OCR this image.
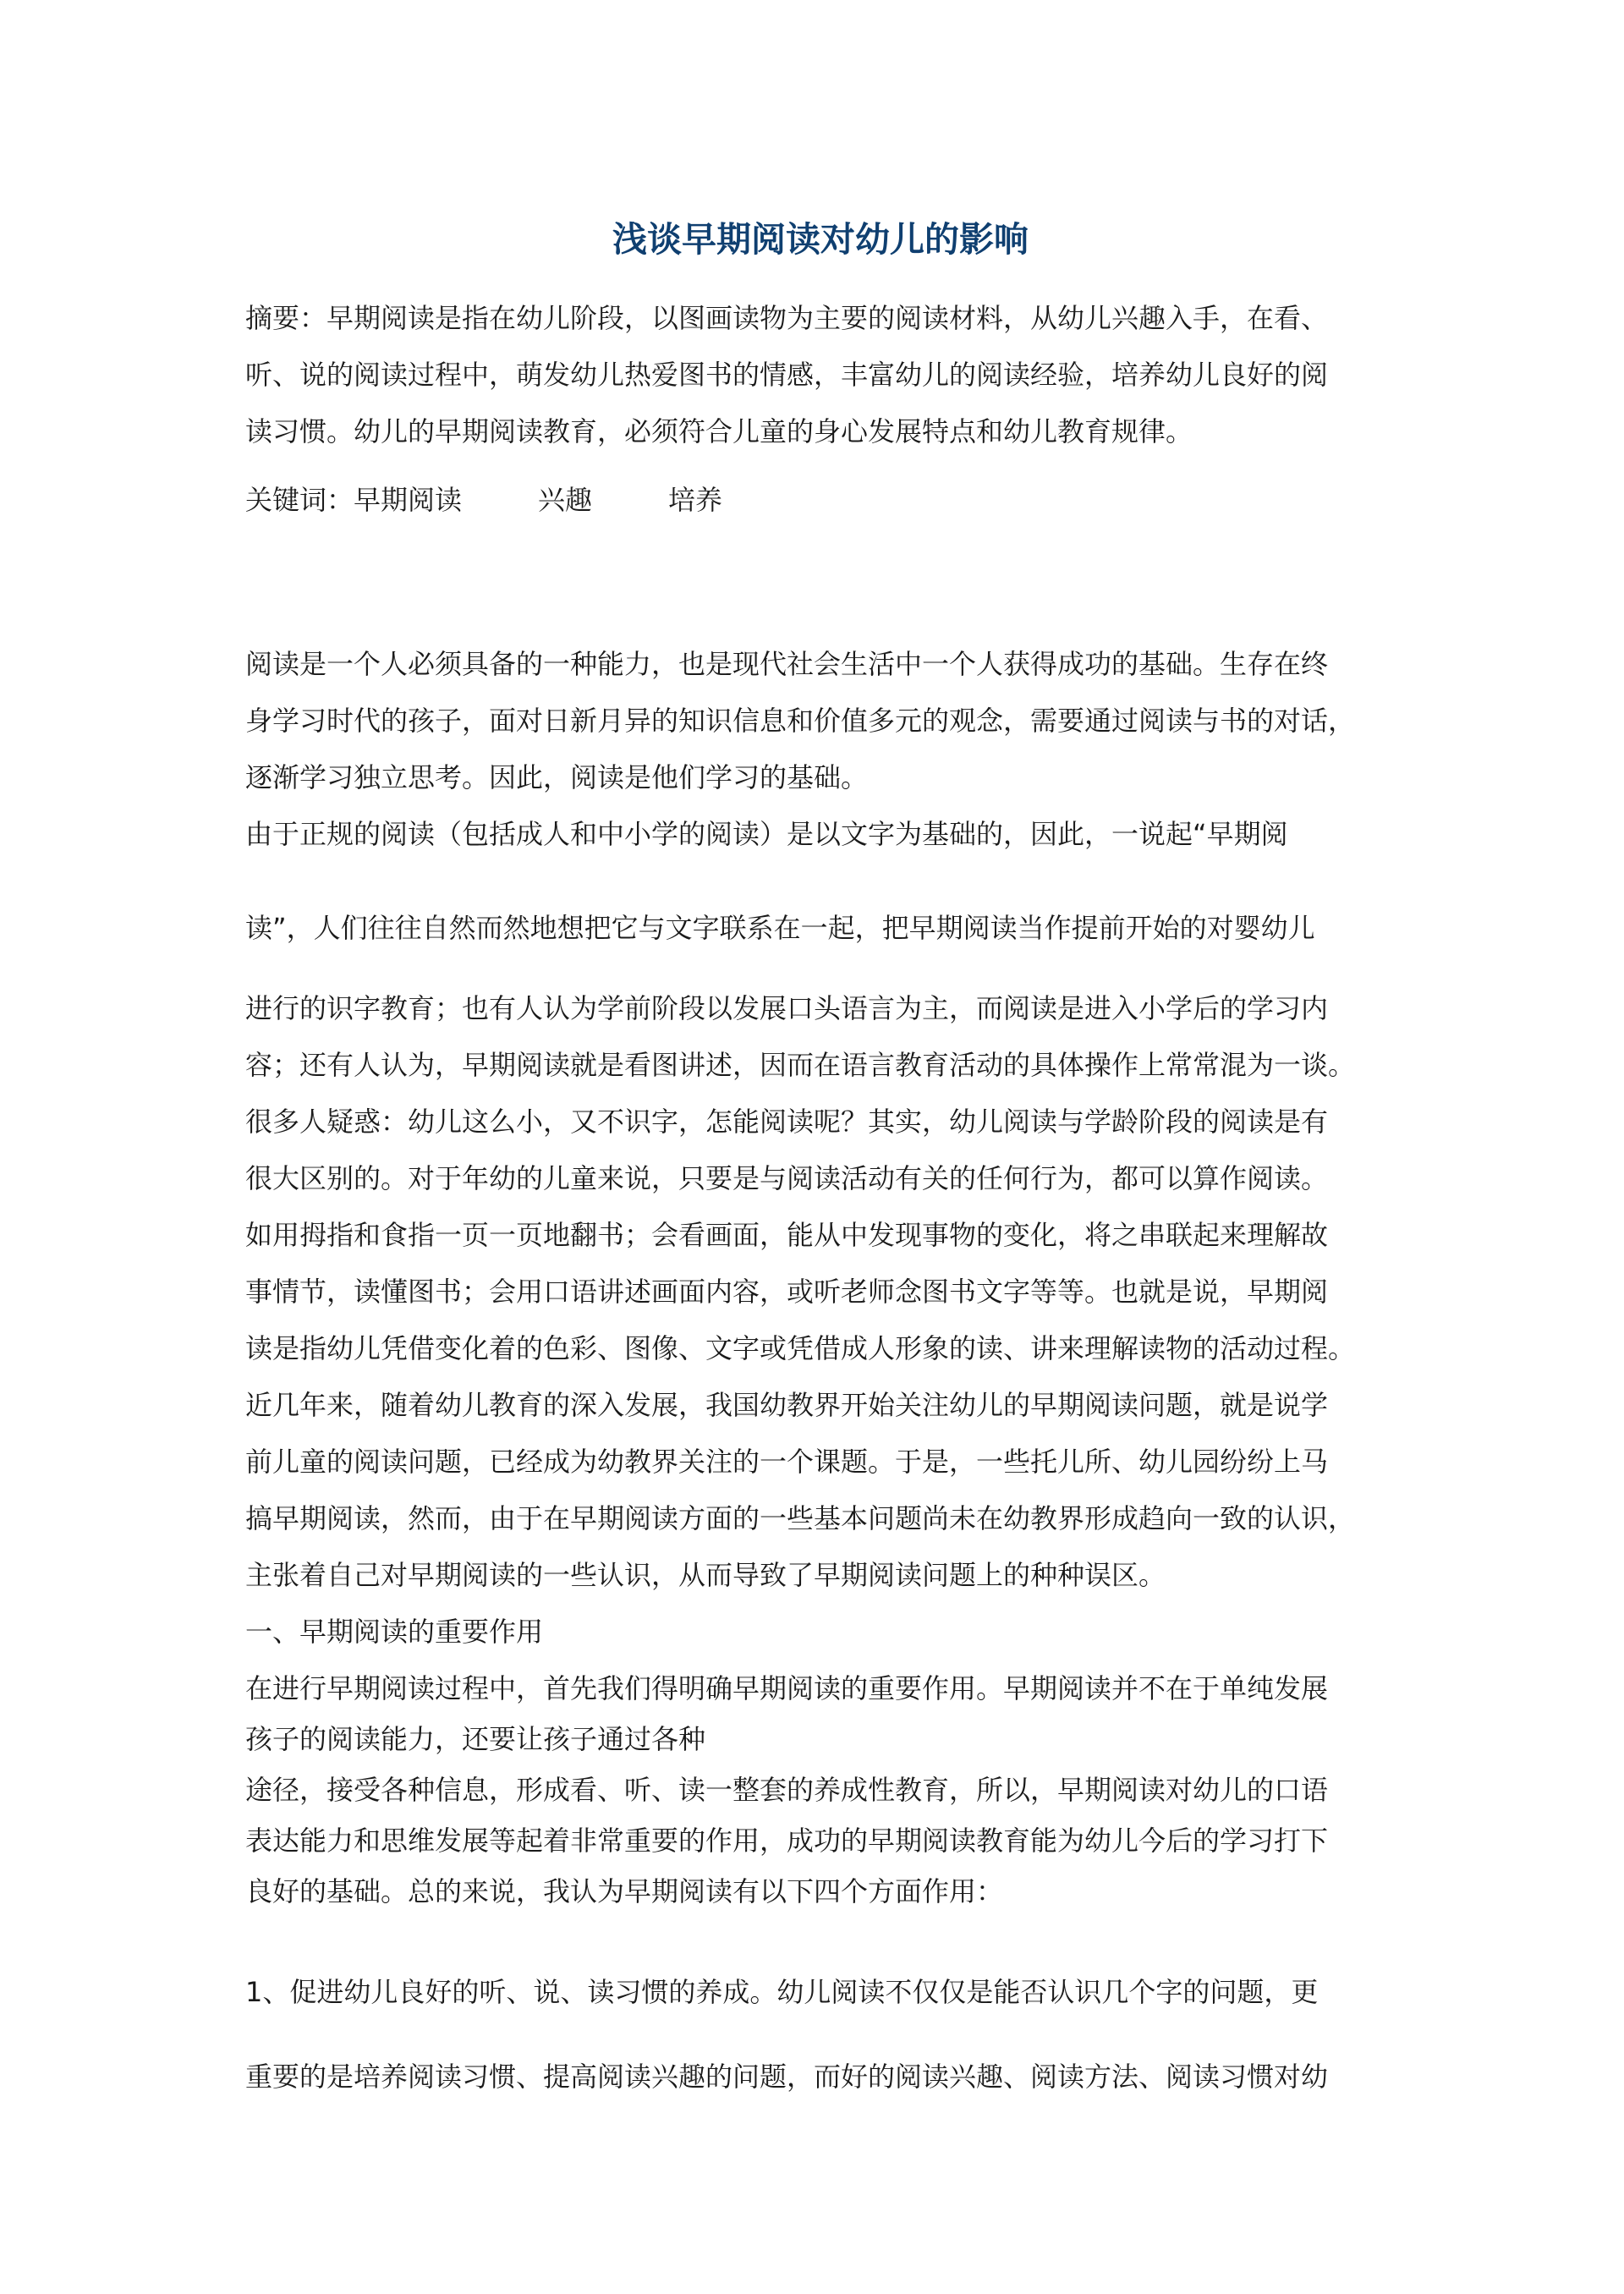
浅谈早期阅读对幼儿的影响
摘要：早期阅读是指在幼儿阶段，以图画读物为主要的阅读材料，从幼儿兴趣入手，在看、
听、说的阅读过程中，萌发幼儿热爱图书的情感，丰富幼儿的阅读经验，培养幼儿良好的阅
读习惯。幼儿的早期阅读教育，必须符合儿童的身心发展特点和幼儿教育规律。
关键词：早期阅读	兴趣	培养
阅读是一个人必须具备的一种能力，也是现代社会生活中一个人获得成功的基础。生存在终
身学习时代的孩子，面对日新月异的知识信息和价值多元的观念，需要通过阅读与书的对话，
逐渐学习独立思考。因此，阅读是他们学习的基础。
由于正规的阅读（包括成人和中小学的阅读）是以文字为基础的，因此，一说起“早期阅
读”，人们往往自然而然地想把它与文字联系在一起，把早期阅读当作提前开始的对婴幼儿
进行的识字教育；也有人认为学前阶段以发展口头语言为主，而阅读是进入小学后的学习内
容；还有人认为，早期阅读就是看图讲述，因而在语言教育活动的具体操作上常常混为一谈。
很多人疑惑：幼儿这么小，又不识字，怎能阅读呢？其实，幼儿阅读与学龄阶段的阅读是有
很大区别的。对于年幼的儿童来说，只要是与阅读活动有关的任何行为，都可以算作阅读。
如用拇指和食指一页一页地翻书；会看画面，能从中发现事物的变化，将之串联起来理解故
事情节，读懂图书；会用口语讲述画面内容，或听老师念图书文字等等。也就是说，早期阅
读是指幼儿凭借变化着的色彩、图像、文字或凭借成人形象的读、讲来理解读物的活动过程。
近几年来，随着幼儿教育的深入发展，我国幼教界开始关注幼儿的早期阅读问题，就是说学
前儿童的阅读问题，已经成为幼教界关注的一个课题。于是，一些托儿所、幼儿园纷纷上马
搞早期阅读，然而，由于在早期阅读方面的一些基本问题尚未在幼教界形成趋向一致的认识，
主张着自己对早期阅读的一些认识，从而导致了早期阅读问题上的种种误区。
一、早期阅读的重要作用
在进行早期阅读过程中，首先我们得明确早期阅读的重要作用。早期阅读并不在于单纯发展
孩子的阅读能力，还要让孩子通过各种
途径，接受各种信息，形成看、听、读一整套的养成性教育，所以，早期阅读对幼儿的口语
表达能力和思维发展等起着非常重要的作用，成功的早期阅读教育能为幼儿今后的学习打下
良好的基础。总的来说，我认为早期阅读有以下四个方面作用：
1、促进幼儿良好的听、说、读习惯的养成。幼儿阅读不仅仅是能否认识几个字的问题，更
重要的是培养阅读习惯、提高阅读兴趣的问题，而好的阅读兴趣、阅读方法、阅读习惯对幼
